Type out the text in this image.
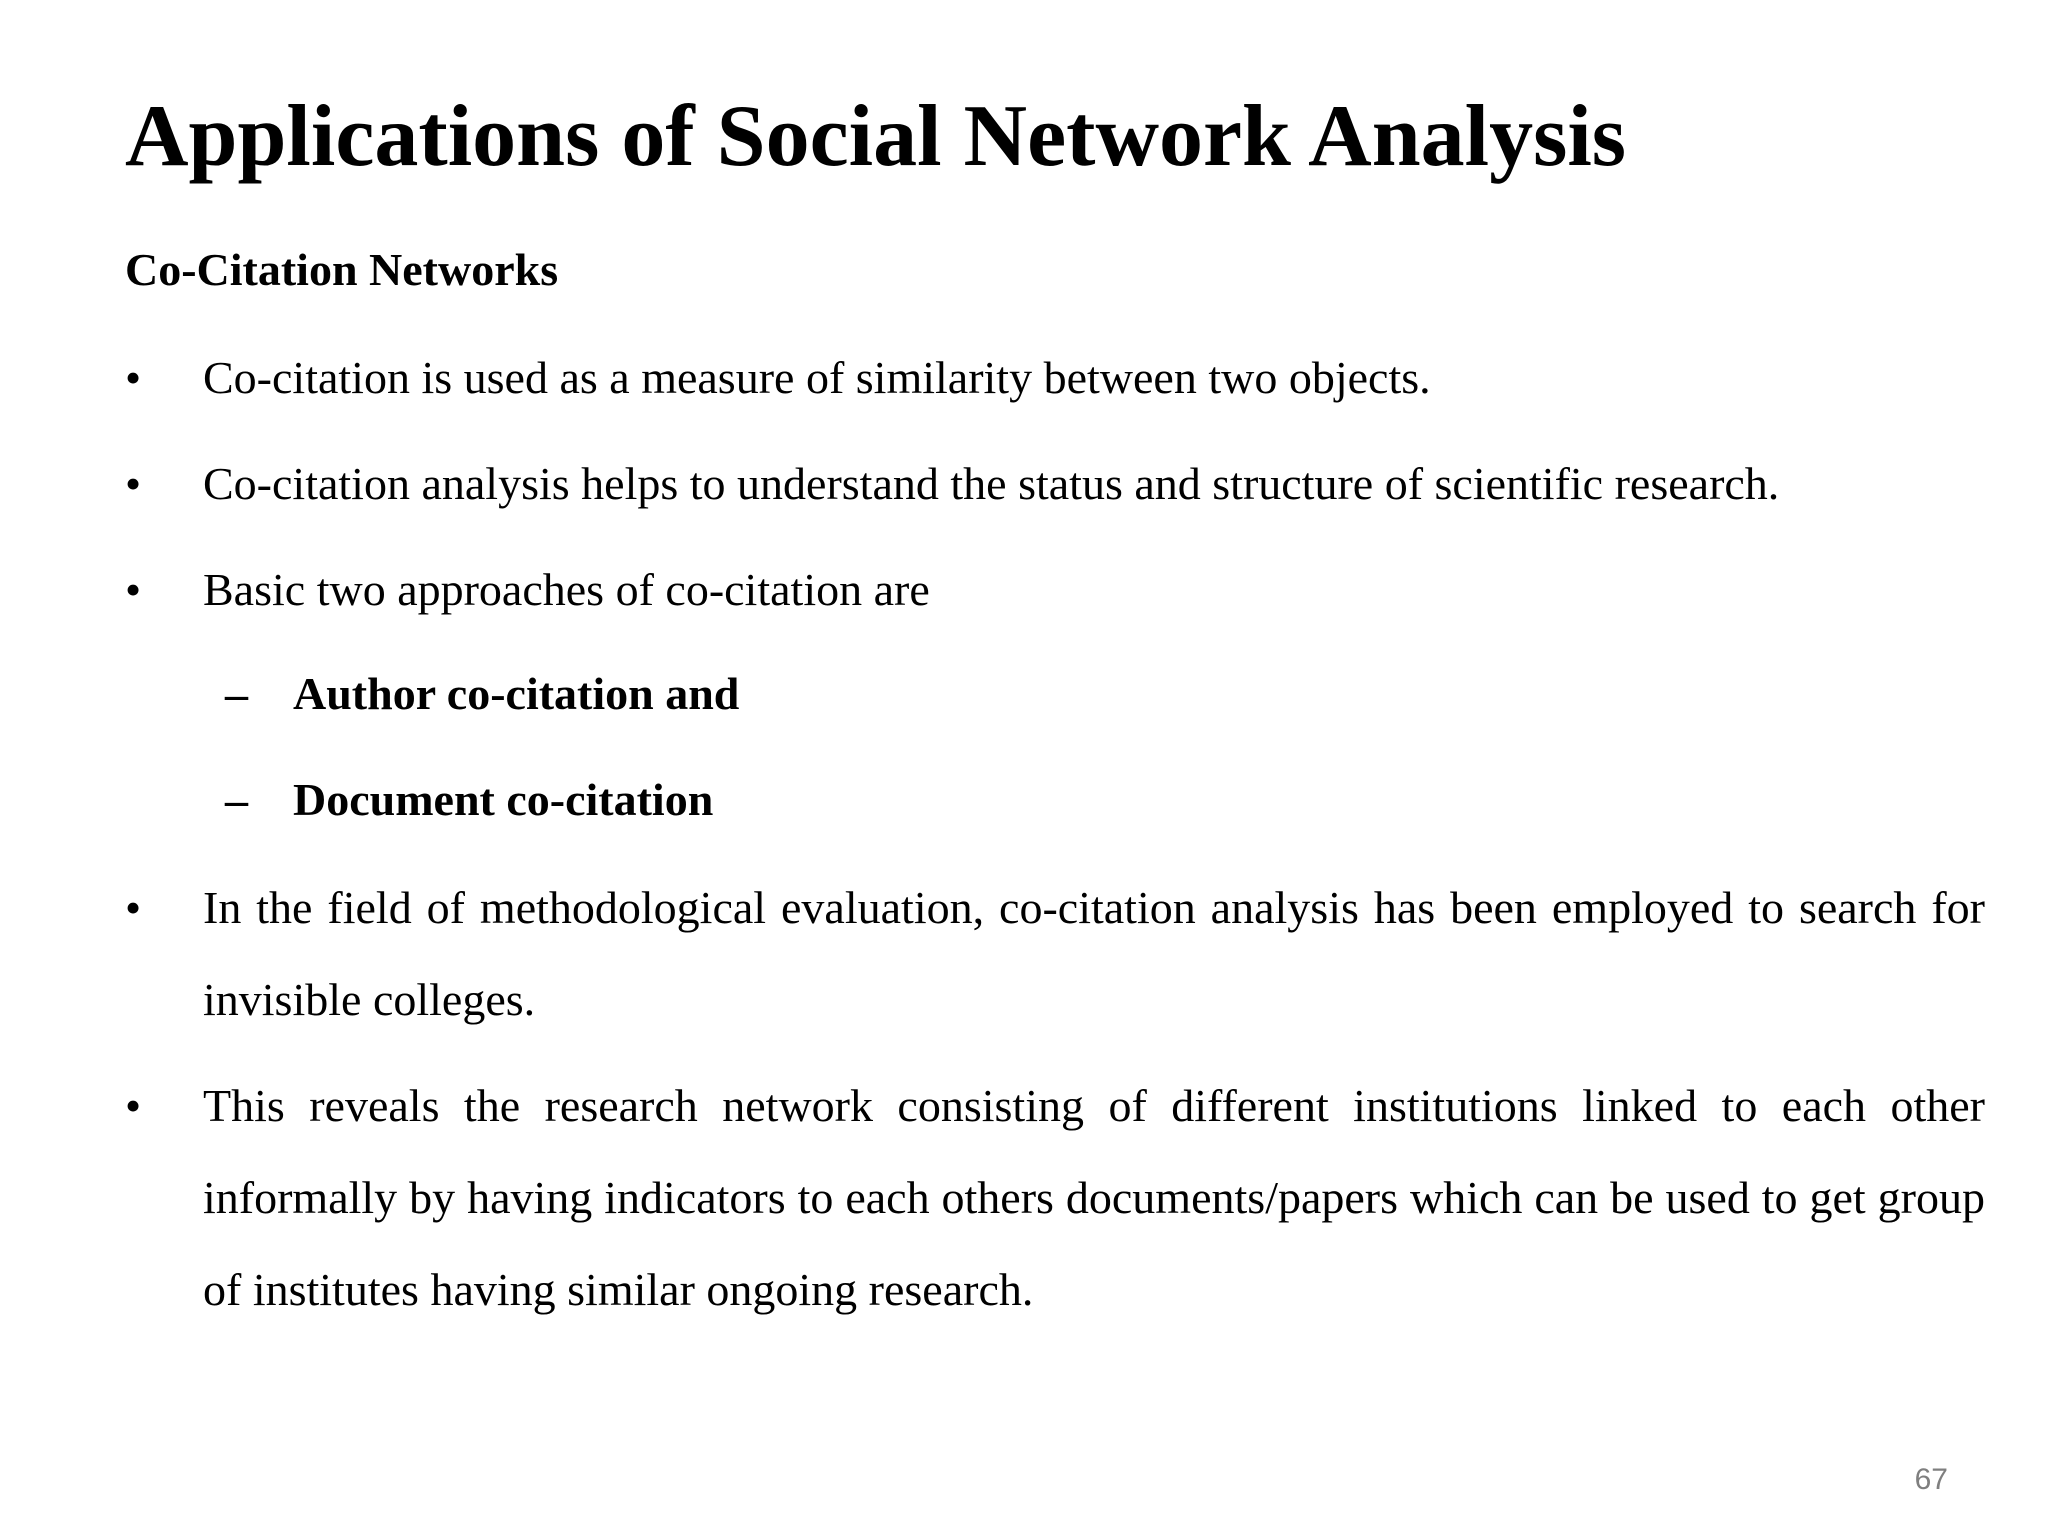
Applications of Social Network Analysis
Co-Citation Networks
•	Co-citation is used as a measure of similarity between two objects.
•	Co-citation analysis helps to understand the status and structure of scientific research.
•	Basic two approaches of co-citation are
– Author co-citation and
– Document co-citation
•	In the field of methodological evaluation, co-citation analysis has been employed to search for invisible colleges.
•	This reveals the research network consisting of different institutions linked to each other informally by having indicators to each others documents/papers which can be used to get group of institutes having similar ongoing research.
67
